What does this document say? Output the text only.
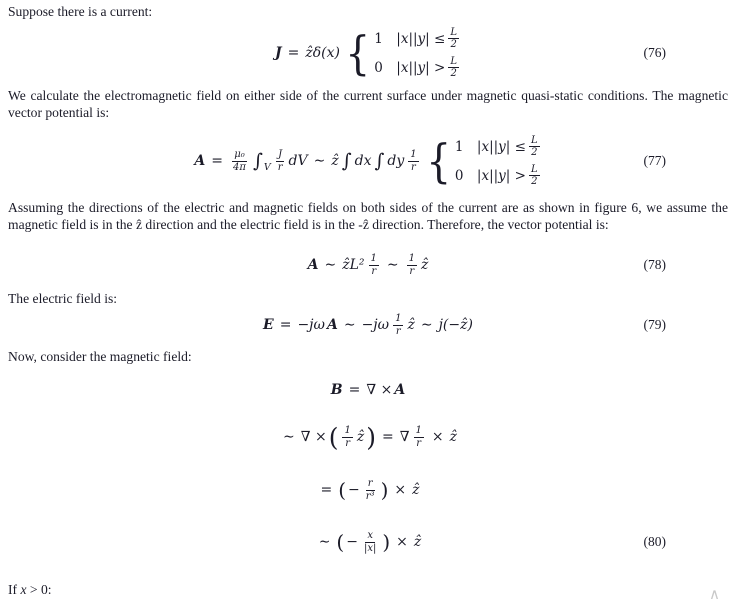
Suppose there is a current:
J = ẑδ(x) { 1 $|x||y| \le \frac{L}{2}$
0 $|x||y| > \frac{L}{2}$
(76)
We calculate the electromagnetic field on either side of the current surface under magnetic quasi-static conditions. The magnetic vector potential is:
$A = \frac{\text{μ₀}}{4\pi}$ ∫ V $\frac{J}{r}$ dV ∼ ẑ ∫ dx ∫ dy $\frac{1}{r}$ { 1 $|x||y| \le \frac{L}{2}$
0 $|x||y| > \frac{L}{2}$
(77)
Assuming the directions of the electric and magnetic fields on both sides of the current are as shown in figure 6, we assume the magnetic field is in the ẑ direction and the electric field is in the -ẑ direction. Therefore, the vector potential is:
A ∼ ẑL² $\frac{1}{r}$ ∼ $\frac{1}{r}$ ẑ	(78)
The electric field is:
E = −jω A ∼ $-j\omega \frac{1}{r}$ ẑ ∼ j(−ẑ)	(79)
Now, consider the magnetic field:
B = ∇ × A
∼ ∇ × ( $\frac{1}{r}$ ẑ ) = ∇ $\frac{1}{r}$ × ẑ
= ( − $\frac{r}{\text{r³}}$ ) × ẑ
∼ ( − $\frac{x}{|x|}$ ) × ẑ	(80)
If x > 0:	∧
